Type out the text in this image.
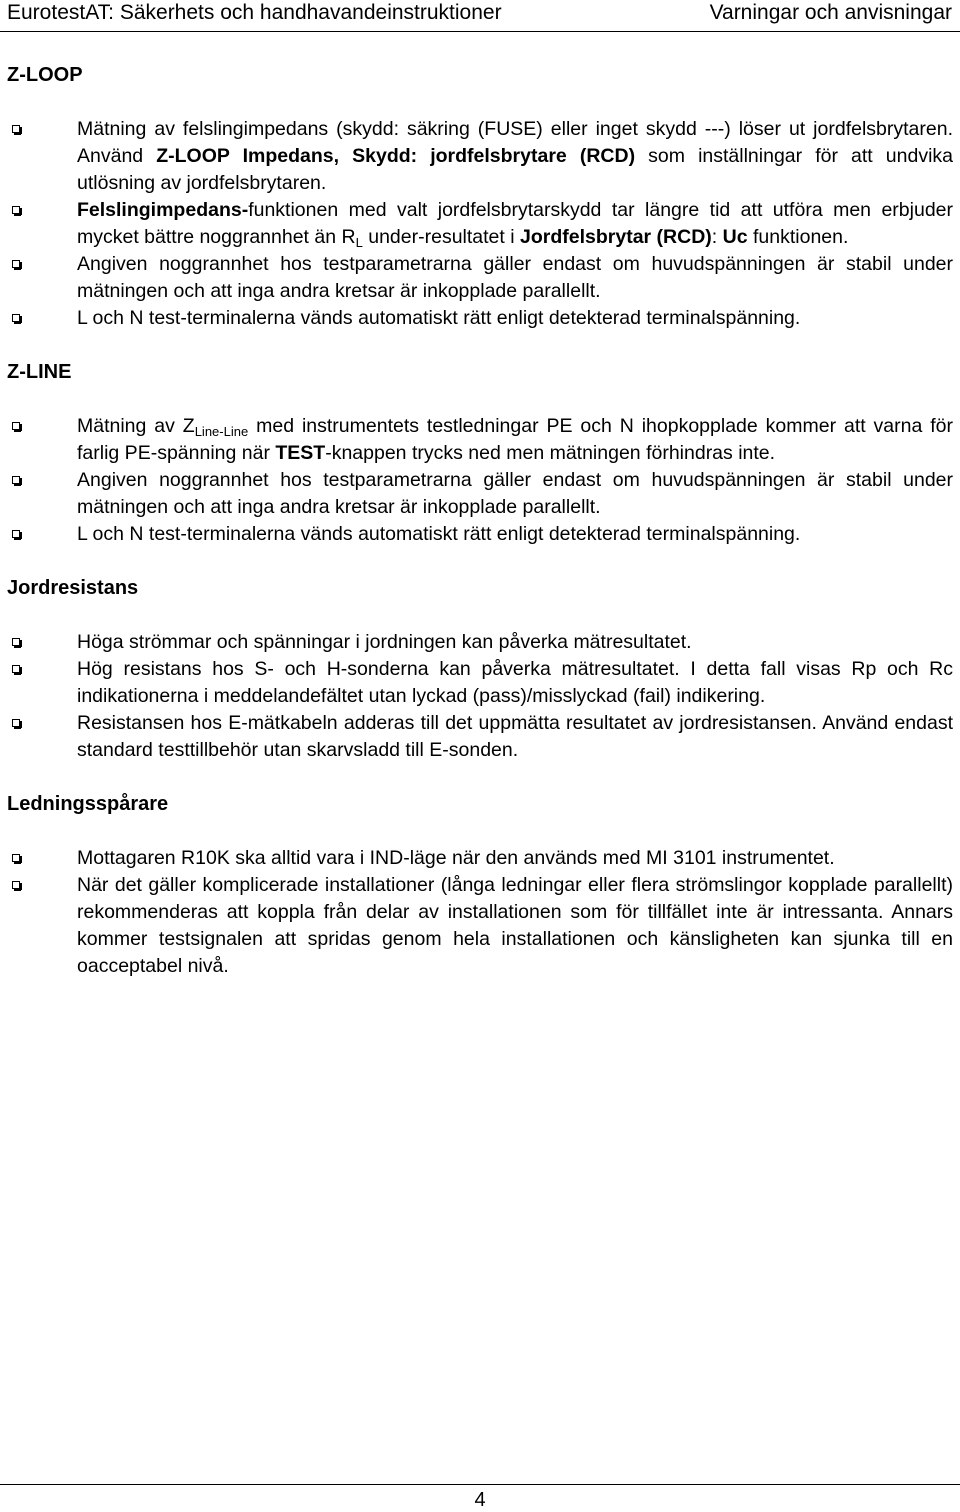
EurotestAT: Säkerhets och handhavandeinstruktioner	Varningar och anvisningar
Z-LOOP
Mätning av felslingimpedans (skydd: säkring (FUSE) eller inget skydd ---) löser ut jordfelsbrytaren. Använd Z-LOOP Impedans, Skydd: jordfelsbrytare (RCD) som inställningar för att undvika utlösning av jordfelsbrytaren.
Felslingimpedans-funktionen med valt jordfelsbrytarskydd tar längre tid att utföra men erbjuder mycket bättre noggrannhet än $R_L$ under-resultatet i Jordfelsbrytar (RCD): Uc funktionen.
Angiven noggrannhet hos testparametrarna gäller endast om huvudspänningen är stabil under mätningen och att inga andra kretsar är inkopplade parallellt.
L och N test-terminalerna vänds automatiskt rätt enligt detekterad terminalspänning.
Z-LINE
Mätning av $Z_{Line-Line}$ med instrumentets testledningar PE och N ihopkopplade kommer att varna för farlig PE-spänning när TEST-knappen trycks ned men mätningen förhindras inte.
Angiven noggrannhet hos testparametrarna gäller endast om huvudspänningen är stabil under mätningen och att inga andra kretsar är inkopplade parallellt.
L och N test-terminalerna vänds automatiskt rätt enligt detekterad terminalspänning.
Jordresistans
Höga strömmar och spänningar i jordningen kan påverka mätresultatet.
Hög resistans hos S- och H-sonderna kan påverka mätresultatet. I detta fall visas Rp och Rc indikationerna i meddelandefältet utan lyckad (pass)/misslyckad (fail) indikering.
Resistansen hos E-mätkabeln adderas till det uppmätta resultatet av jordresistansen. Använd endast standard testtillbehör utan skarvsladd till E-sonden.
Ledningsspårare
Mottagaren R10K ska alltid vara i IND-läge när den används med MI 3101 instrumentet.
När det gäller komplicerade installationer (långa ledningar eller flera strömslingor kopplade parallellt) rekommenderas att koppla från delar av installationen som för tillfället inte är intressanta. Annars kommer testsignalen att spridas genom hela installationen och känsligheten kan sjunka till en oacceptabel nivå.
4
